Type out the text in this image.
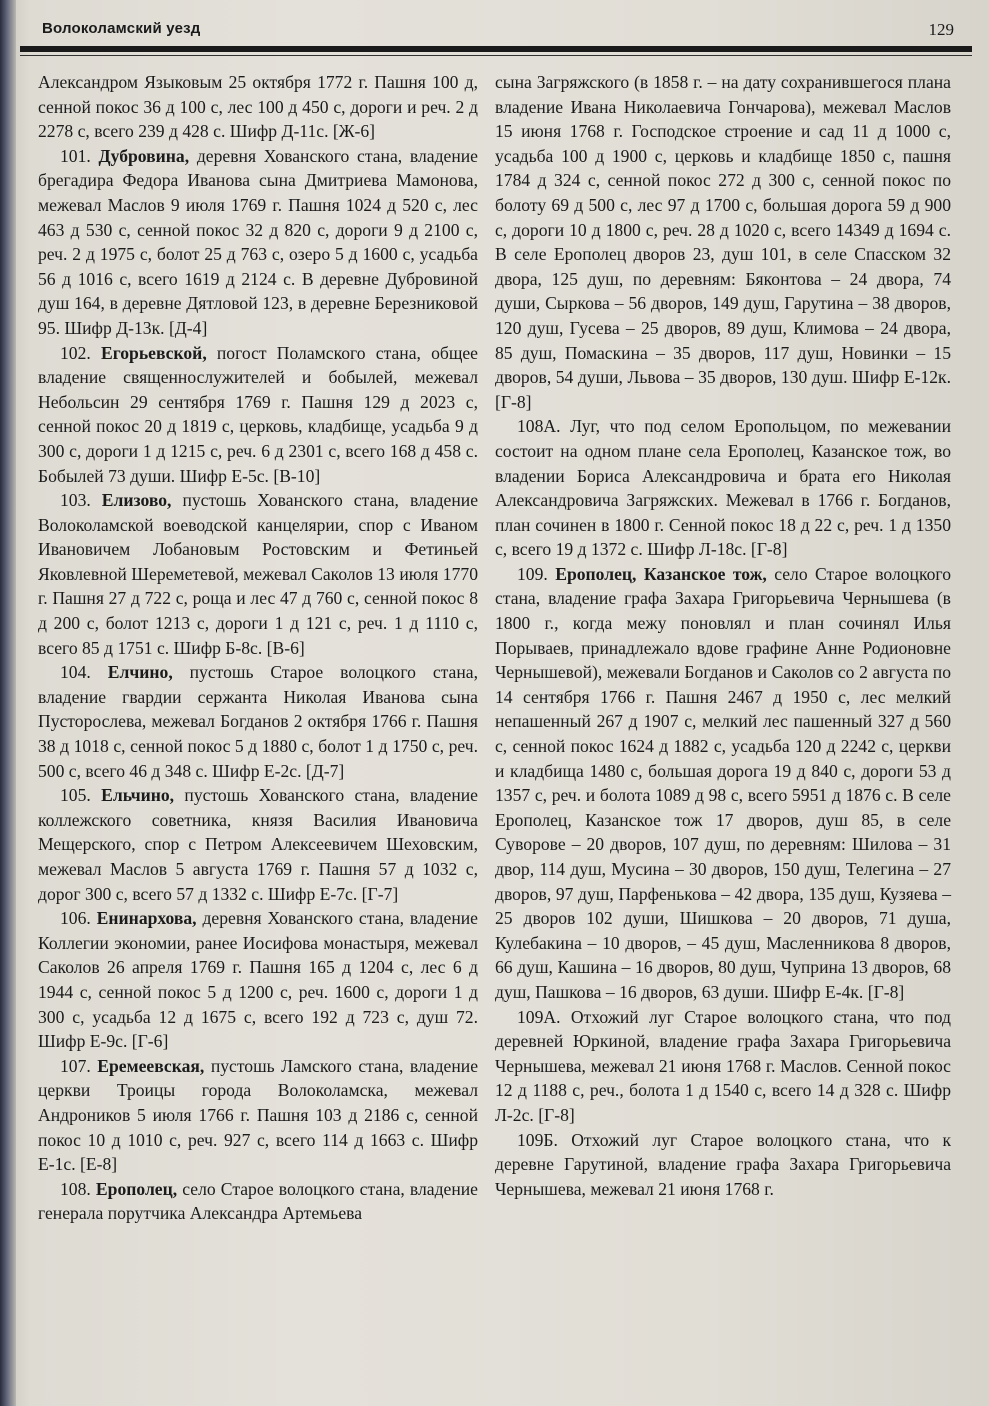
Волоколамский уезд	129

Александром Языковым 25 октября 1772 г. Пашня 100 д, сенной покос 36 д 100 с, лес 100 д 450 с, дороги и реч. 2 д 2278 с, всего 239 д 428 с. Шифр Д-11с. [Ж-6]

101. Дубровина, деревня Хованского стана, владение брегадира Федора Иванова сына Дмитриева Мамонова, межевал Маслов 9 июля 1769 г. Пашня 1024 д 520 с, лес 463 д 530 с, сенной покос 32 д 820 с, дороги 9 д 2100 с, реч. 2 д 1975 с, болот 25 д 763 с, озеро 5 д 1600 с, усадьба 56 д 1016 с, всего 1619 д 2124 с. В деревне Дубровиной душ 164, в деревне Дятловой 123, в деревне Березниковой 95. Шифр Д-13к. [Д-4]

102. Егорьевской, погост Поламского стана, общее владение священнослужителей и бобылей, межевал Небольсин 29 сентября 1769 г. Пашня 129 д 2023 с, сенной покос 20 д 1819 с, церковь, кладбище, усадьба 9 д 300 с, дороги 1 д 1215 с, реч. 6 д 2301 с, всего 168 д 458 с. Бобылей 73 души. Шифр Е-5с. [В-10]

103. Елизово, пустошь Хованского стана, владение Волоколамской воеводской канцелярии, спор с Иваном Ивановичем Лобановым Ростовским и Фетиньей Яковлевной Шереметевой, межевал Саколов 13 июля 1770 г. Пашня 27 д 722 с, роща и лес 47 д 760 с, сенной покос 8 д 200 с, болот 1213 с, дороги 1 д 121 с, реч. 1 д 1110 с, всего 85 д 1751 с. Шифр Б-8с. [В-6]

104. Елчино, пустошь Старое волоцкого стана, владение гвардии сержанта Николая Иванова сына Пусторослева, межевал Богданов 2 октября 1766 г. Пашня 38 д 1018 с, сенной покос 5 д 1880 с, болот 1 д 1750 с, реч. 500 с, всего 46 д 348 с. Шифр Е-2с. [Д-7]

105. Ельчино, пустошь Хованского стана, владение коллежского советника, князя Василия Ивановича Мещерского, спор с Петром Алексеевичем Шеховским, межевал Маслов 5 августа 1769 г. Пашня 57 д 1032 с, дорог 300 с, всего 57 д 1332 с. Шифр Е-7с. [Г-7]

106. Енинархова, деревня Хованского стана, владение Коллегии экономии, ранее Иосифова монастыря, межевал Саколов 26 апреля 1769 г. Пашня 165 д 1204 с, лес 6 д 1944 с, сенной покос 5 д 1200 с, реч. 1600 с, дороги 1 д 300 с, усадьба 12 д 1675 с, всего 192 д 723 с, душ 72. Шифр Е-9с. [Г-6]

107. Еремеевская, пустошь Ламского стана, владение церкви Троицы города Волоколамска, межевал Андроников 5 июля 1766 г. Пашня 103 д 2186 с, сенной покос 10 д 1010 с, реч. 927 с, всего 114 д 1663 с. Шифр Е-1с. [Е-8]

108. Ерополец, село Старое волоцкого стана, владение генерала порутчика Александра Артемьева

сына Загряжского (в 1858 г. – на дату сохранившегося плана владение Ивана Николаевича Гончарова), межевал Маслов 15 июня 1768 г. Господское строение и сад 11 д 1000 с, усадьба 100 д 1900 с, церковь и кладбище 1850 с, пашня 1784 д 324 с, сенной покос 272 д 300 с, сенной покос по болоту 69 д 500 с, лес 97 д 1700 с, большая дорога 59 д 900 с, дороги 10 д 1800 с, реч. 28 д 1020 с, всего 14349 д 1694 с. В селе Ерополец дворов 23, душ 101, в селе Спасском 32 двора, 125 душ, по деревням: Бяконтова – 24 двора, 74 души, Сыркова – 56 дворов, 149 душ, Гарутина – 38 дворов, 120 душ, Гусева – 25 дворов, 89 душ, Климова – 24 двора, 85 душ, Помаскина – 35 дворов, 117 душ, Новинки – 15 дворов, 54 души, Львова – 35 дворов, 130 душ. Шифр Е-12к. [Г-8]

108А. Луг, что под селом Еропольцом, по межевании состоит на одном плане села Ерополец, Казанское тож, во владении Бориса Александровича и брата его Николая Александровича Загряжских. Межевал в 1766 г. Богданов, план сочинен в 1800 г. Сенной покос 18 д 22 с, реч. 1 д 1350 с, всего 19 д 1372 с. Шифр Л-18с. [Г-8]

109. Ерополец, Казанское тож, село Старое волоцкого стана, владение графа Захара Григорьевича Чернышева (в 1800 г., когда межу поновлял и план сочинял Илья Порываев, принадлежало вдове графине Анне Родионовне Чернышевой), межевали Богданов и Саколов со 2 августа по 14 сентября 1766 г. Пашня 2467 д 1950 с, лес мелкий непашенный 267 д 1907 с, мелкий лес пашенный 327 д 560 с, сенной покос 1624 д 1882 с, усадьба 120 д 2242 с, церкви и кладбища 1480 с, большая дорога 19 д 840 с, дороги 53 д 1357 с, реч. и болота 1089 д 98 с, всего 5951 д 1876 с. В селе Ерополец, Казанское тож 17 дворов, душ 85, в селе Суворове – 20 дворов, 107 душ, по деревням: Шилова – 31 двор, 114 душ, Мусина – 30 дворов, 150 душ, Телегина – 27 дворов, 97 душ, Парфенькова – 42 двора, 135 душ, Кузяева – 25 дворов 102 души, Шишкова – 20 дворов, 71 душа, Кулебакина – 10 дворов, – 45 душ, Масленникова 8 дворов, 66 душ, Кашина – 16 дворов, 80 душ, Чуприна 13 дворов, 68 душ, Пашкова – 16 дворов, 63 души. Шифр Е-4к. [Г-8]

109А. Отхожий луг Старое волоцкого стана, что под деревней Юркиной, владение графа Захара Григорьевича Чернышева, межевал 21 июня 1768 г. Маслов. Сенной покос 12 д 1188 с, реч., болота 1 д 1540 с, всего 14 д 328 с. Шифр Л-2с. [Г-8]

109Б. Отхожий луг Старое волоцкого стана, что к деревне Гарутиной, владение графа Захара Григорьевича Чернышева, межевал 21 июня 1768 г.
